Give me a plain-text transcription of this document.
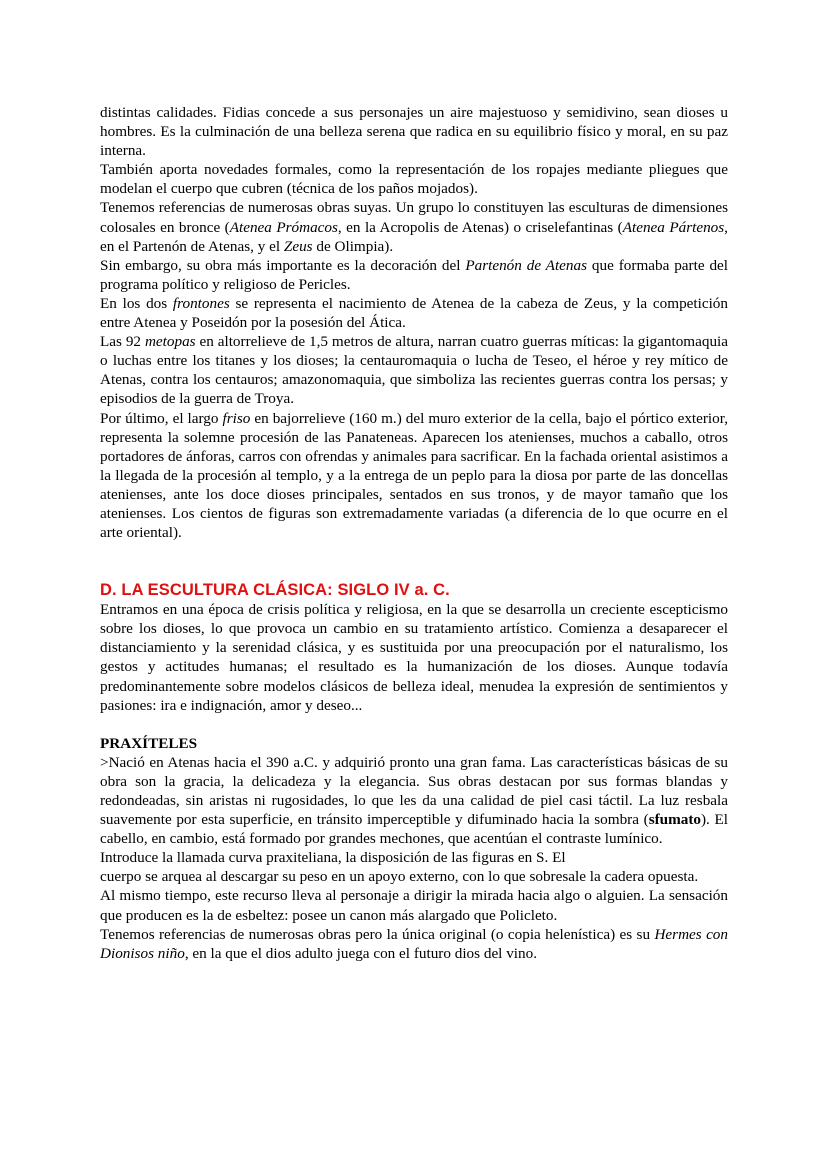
distintas calidades. Fidias concede a sus personajes un aire majestuoso y semidivino, sean dioses u hombres. Es la culminación de una belleza serena que radica en su equilibrio físico y moral, en su paz interna.

También aporta novedades formales, como la representación de los ropajes mediante pliegues que modelan el cuerpo que cubren (técnica de los paños mojados).

Tenemos referencias de numerosas obras suyas. Un grupo lo constituyen las esculturas de dimensiones colosales en bronce (Atenea Prómacos, en la Acropolis de Atenas) o criselefantinas (Atenea Pártenos, en el Partenón de Atenas, y el Zeus de Olimpia).

Sin embargo, su obra más importante es la decoración del Partenón de Atenas que formaba parte del programa político y religioso de Pericles.

En los dos frontones se representa el nacimiento de Atenea de la cabeza de Zeus, y la competición entre Atenea y Poseidón por la posesión del Ática.

Las 92 metopas en altorrelieve de 1,5 metros de altura, narran cuatro guerras míticas: la gigantomaquia o luchas entre los titanes y los dioses; la centauromaquia o lucha de Teseo, el héroe y rey mítico de Atenas, contra los centauros; amazonomaquia, que simboliza las recientes guerras contra los persas; y episodios de la guerra de Troya.

Por último, el largo friso en bajorrelieve (160 m.) del muro exterior de la cella, bajo el pórtico exterior, representa la solemne procesión de las Panateneas. Aparecen los atenienses, muchos a caballo, otros portadores de ánforas, carros con ofrendas y animales para sacrificar. En la fachada oriental asistimos a la llegada de la procesión al templo, y a la entrega de un peplo para la diosa por parte de las doncellas atenienses, ante los doce dioses principales, sentados en sus tronos, y de mayor tamaño que los atenienses. Los cientos de figuras son extremadamente variadas (a diferencia de lo que ocurre en el arte oriental).

D. LA ESCULTURA CLÁSICA: SIGLO IV a. C.

Entramos en una época de crisis política y religiosa, en la que se desarrolla un creciente escepticismo sobre los dioses, lo que provoca un cambio en su tratamiento artístico. Comienza a desaparecer el distanciamiento y la serenidad clásica, y es sustituida por una preocupación por el naturalismo, los gestos y actitudes humanas; el resultado es la humanización de los dioses. Aunque todavía predominantemente sobre modelos clásicos de belleza ideal, menudea la expresión de sentimientos y pasiones: ira e indignación, amor y deseo...

PRAXÍTELES

>Nació en Atenas hacia el 390 a.C. y adquirió pronto una gran fama. Las características básicas de su obra son la gracia, la delicadeza y la elegancia. Sus obras destacan por sus formas blandas y redondeadas, sin aristas ni rugosidades, lo que les da una calidad de piel casi táctil. La luz resbala suavemente por esta superficie, en tránsito imperceptible y difuminado hacia la sombra (sfumato). El cabello, en cambio, está formado por grandes mechones, que acentúan el contraste lumínico.

Introduce la llamada curva praxiteliana, la disposición de las figuras en S. El

cuerpo se arquea al descargar su peso en un apoyo externo, con lo que sobresale la cadera opuesta.

Al mismo tiempo, este recurso lleva al personaje a dirigir la mirada hacia algo o alguien. La sensación que producen es la de esbeltez: posee un canon más alargado que Policleto.

Tenemos referencias de numerosas obras pero la única original (o copia helenística) es su Hermes con Dionisos niño, en la que el dios adulto juega con el futuro dios del vino.
